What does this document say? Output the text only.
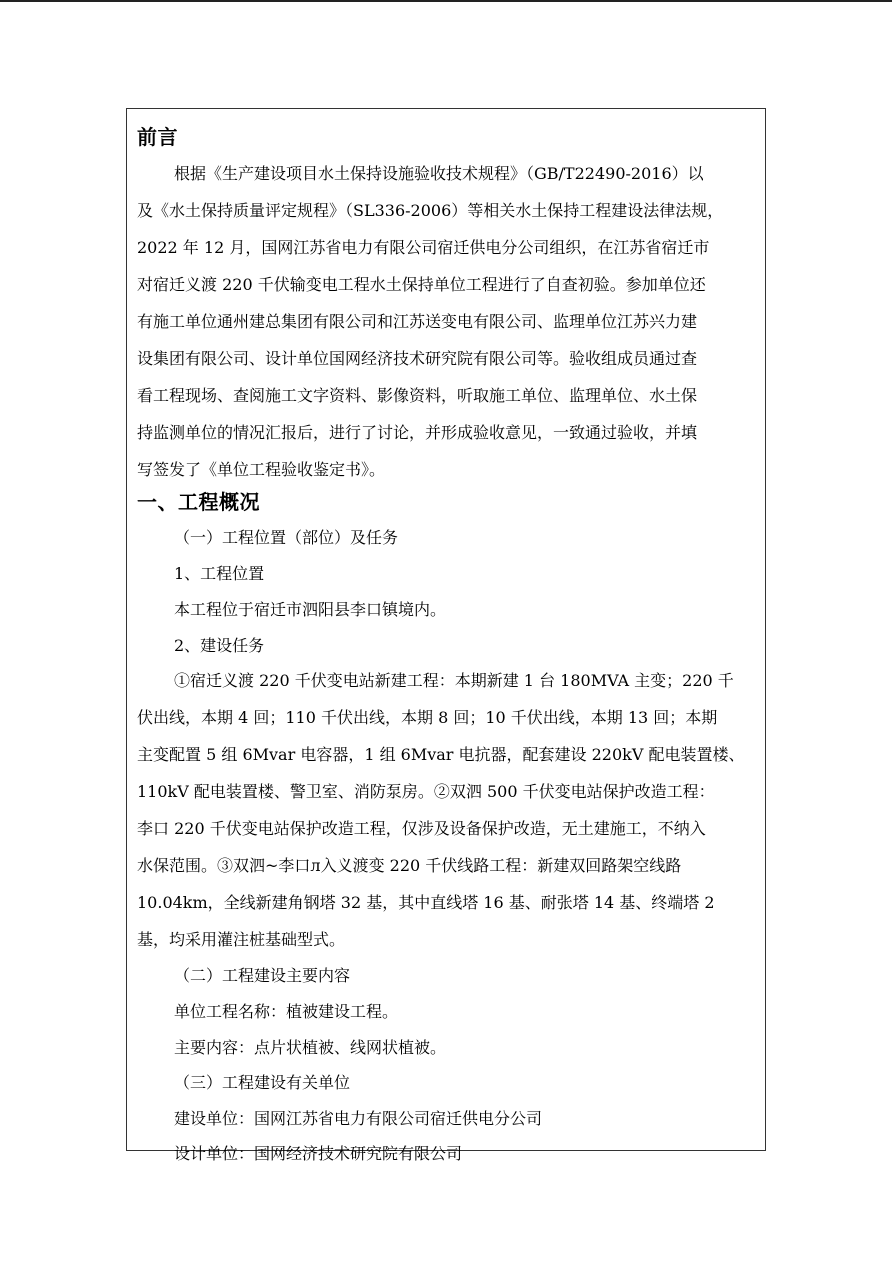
前言
根据《生产建设项目水土保持设施验收技术规程》（GB/T22490-2016）以
及《水土保持质量评定规程》（SL336-2006）等相关水土保持工程建设法律法规，
2022 年 12 月，国网江苏省电力有限公司宿迁供电分公司组织，在江苏省宿迁市
对宿迁义渡 220 千伏输变电工程水土保持单位工程进行了自查初验。参加单位还
有施工单位通州建总集团有限公司和江苏送变电有限公司、监理单位江苏兴力建
设集团有限公司、设计单位国网经济技术研究院有限公司等。验收组成员通过查
看工程现场、查阅施工文字资料、影像资料，听取施工单位、监理单位、水土保
持监测单位的情况汇报后，进行了讨论，并形成验收意见，一致通过验收，并填
写签发了《单位工程验收鉴定书》。
一、工程概况
（一）工程位置（部位）及任务
1、工程位置
本工程位于宿迁市泗阳县李口镇境内。
2、建设任务
①宿迁义渡 220 千伏变电站新建工程：本期新建 1 台 180MVA 主变；220 千
伏出线，本期 4 回；110 千伏出线，本期 8 回；10 千伏出线，本期 13 回；本期
主变配置 5 组 6Mvar 电容器，1 组 6Mvar 电抗器，配套建设 220kV 配电装置楼、
110kV 配电装置楼、警卫室、消防泵房。②双泗 500 千伏变电站保护改造工程：
李口 220 千伏变电站保护改造工程，仅涉及设备保护改造，无土建施工，不纳入
水保范围。③双泗~李口л入义渡变 220 千伏线路工程：新建双回路架空线路
10.04km，全线新建角钢塔 32 基，其中直线塔 16 基、耐张塔 14 基、终端塔 2
基，均采用灌注桩基础型式。
（二）工程建设主要内容
单位工程名称：植被建设工程。
主要内容：点片状植被、线网状植被。
（三）工程建设有关单位
建设单位：国网江苏省电力有限公司宿迁供电分公司
设计单位：国网经济技术研究院有限公司
